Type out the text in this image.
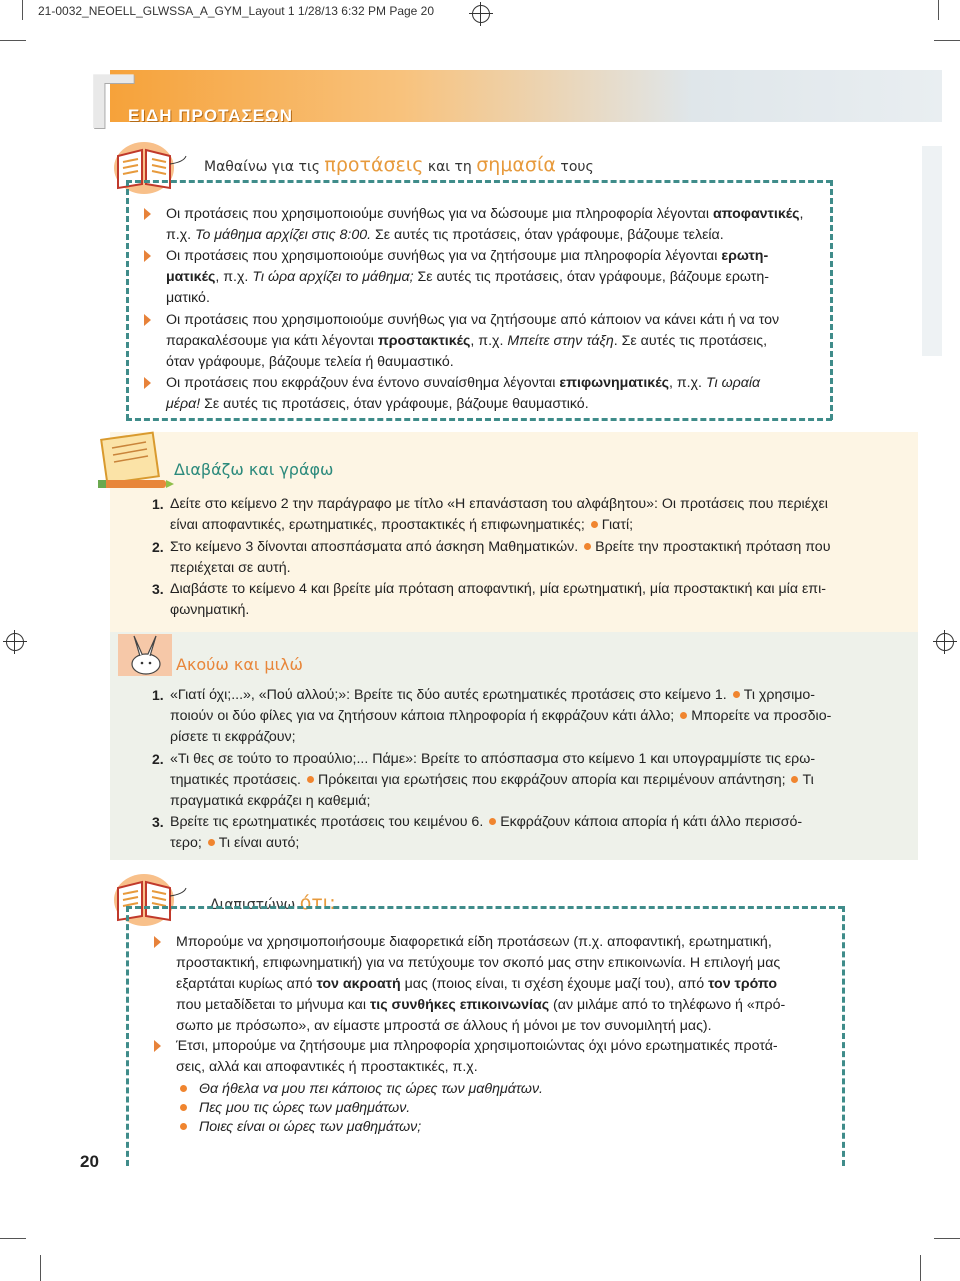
21-0032_NEOELL_GLWSSA_A_GYM_Layout 1 1/28/13 6:32 PM Page 20
Γ
ΕΙΔΗ ΠΡΟΤΑΣΕΩΝ
Μαθαίνω για τις προτάσεις και τη σημασία τους
Οι προτάσεις που χρησιμοποιούμε συνήθως για να δώσουμε μια πληροφορία λέγονται αποφαντικές,
π.χ. Το μάθημα αρχίζει στις 8:00. Σε αυτές τις προτάσεις, όταν γράφουμε, βάζουμε τελεία.
Οι προτάσεις που χρησιμοποιούμε συνήθως για να ζητήσουμε μια πληροφορία λέγονται ερωτη-
ματικές, π.χ. Τι ώρα αρχίζει το μάθημα; Σε αυτές τις προτάσεις, όταν γράφουμε, βάζουμε ερωτη-
ματικό.
Οι προτάσεις που χρησιμοποιούμε συνήθως για να ζητήσουμε από κάποιον να κάνει κάτι ή να τον
παρακαλέσουμε για κάτι λέγονται προστακτικές, π.χ. Μπείτε στην τάξη. Σε αυτές τις προτάσεις,
όταν γράφουμε, βάζουμε τελεία ή θαυμαστικό.
Οι προτάσεις που εκφράζουν ένα έντονο συναίσθημα λέγονται επιφωνηματικές, π.χ. Τι ωραία
μέρα! Σε αυτές τις προτάσεις, όταν γράφουμε, βάζουμε θαυμαστικό.
Διαβάζω και γράφω
1. Δείτε στο κείμενο 2 την παράγραφο με τίτλο «Η επανάσταση του αλφάβητου»: Οι προτάσεις που περιέχει
είναι αποφαντικές, ερωτηματικές, προστακτικές ή επιφωνηματικές; Γιατί;
2. Στο κείμενο 3 δίνονται αποσπάσματα από άσκηση Μαθηματικών. Βρείτε την προστακτική πρόταση που
περιέχεται σε αυτή.
3. Διαβάστε το κείμενο 4 και βρείτε μία πρόταση αποφαντική, μία ερωτηματική, μία προστακτική και μία επι-
φωνηματική.
Ακούω και μιλώ
1. «Γιατί όχι;...», «Πού αλλού;»: Βρείτε τις δύο αυτές ερωτηματικές προτάσεις στο κείμενο 1. Τι χρησιμο-
ποιούν οι δύο φίλες για να ζητήσουν κάποια πληροφορία ή εκφράζουν κάτι άλλο; Μπορείτε να προσδιο-
ρίσετε τι εκφράζουν;
2. «Τι θες σε τούτο το προαύλιο;... Πάμε»: Βρείτε το απόσπασμα στο κείμενο 1 και υπογραμμίστε τις ερω-
τηματικές προτάσεις. Πρόκειται για ερωτήσεις που εκφράζουν απορία και περιμένουν απάντηση; Τι
πραγματικά εκφράζει η καθεμιά;
3. Βρείτε τις ερωτηματικές προτάσεις του κειμένου 6. Εκφράζουν κάποια απορία ή κάτι άλλο περισσό-
τερο; Τι είναι αυτό;
Διαπιστώνω ότι:
Μπορούμε να χρησιμοποιήσουμε διαφορετικά είδη προτάσεων (π.χ. αποφαντική, ερωτηματική,
προστακτική, επιφωνηματική) για να πετύχουμε τον σκοπό μας στην επικοινωνία. Η επιλογή μας
εξαρτάται κυρίως από τον ακροατή μας (ποιος είναι, τι σχέση έχουμε μαζί του), από τον τρόπο
που μεταδίδεται το μήνυμα και τις συνθήκες επικοινωνίας (αν μιλάμε από το τηλέφωνο ή «πρό-
σωπο με πρόσωπο», αν είμαστε μπροστά σε άλλους ή μόνοι με τον συνομιλητή μας).
Έτσι, μπορούμε να ζητήσουμε μια πληροφορία χρησιμοποιώντας όχι μόνο ερωτηματικές προτά-
σεις, αλλά και αποφαντικές ή προστακτικές, π.χ.
Θα ήθελα να μου πει κάποιος τις ώρες των μαθημάτων.
Πες μου τις ώρες των μαθημάτων.
Ποιες είναι οι ώρες των μαθημάτων;
20
